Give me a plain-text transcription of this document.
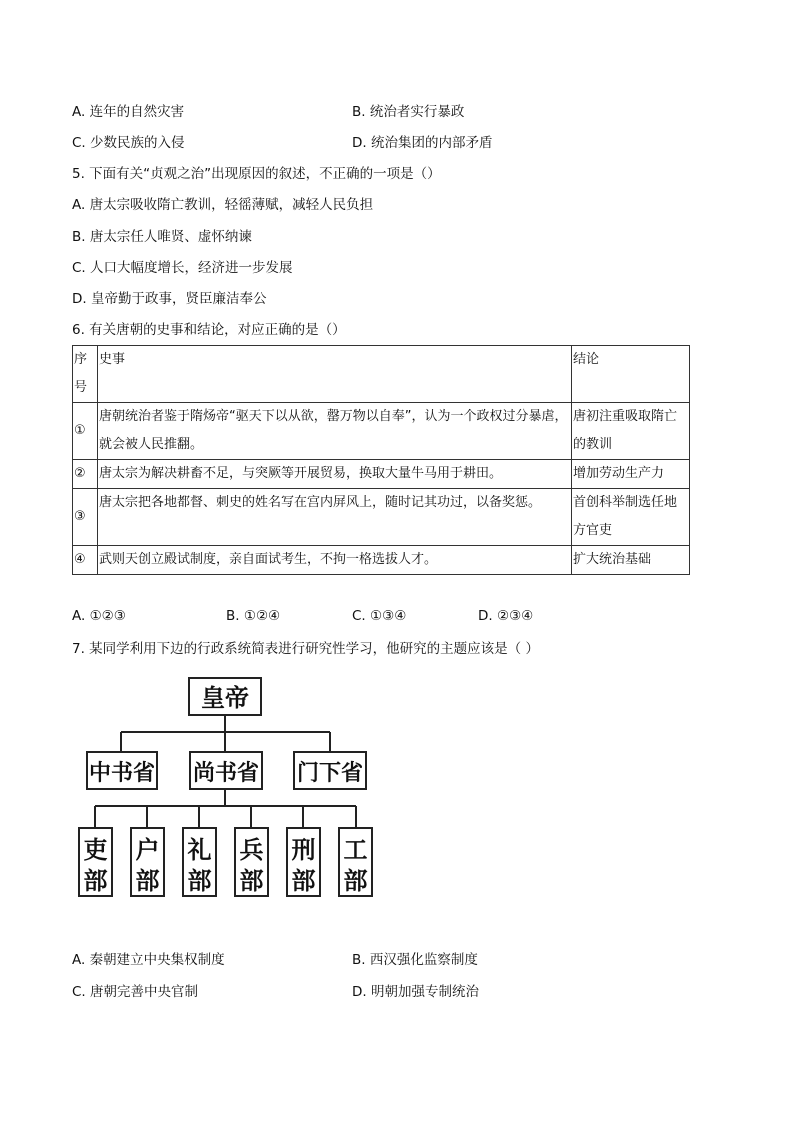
A. 连年的自然灾害	B. 统治者实行暴政
C. 少数民族的入侵	D. 统治集团的内部矛盾
5. 下面有关“贞观之治”出现原因的叙述，不正确的一项是（）
A. 唐太宗吸收隋亡教训，轻徭薄赋，减轻人民负担
B. 唐太宗任人唯贤、虚怀纳谏
C. 人口大幅度增长，经济进一步发展
D. 皇帝勤于政事，贤臣廉洁奉公
6. 有关唐朝的史事和结论，对应正确的是（）
序号	史事	结论
①	唐朝统治者鉴于隋炀帝“驱天下以从欲，罄万物以自奉”，认为一个政权过分暴虐，就会被人民推翻。	唐初注重吸取隋亡的教训
②	唐太宗为解决耕畜不足，与突厥等开展贸易，换取大量牛马用于耕田。	增加劳动生产力
③	唐太宗把各地都督、刺史的姓名写在宫内屏风上，随时记其功过，以备奖惩。	首创科举制选任地方官吏
④	武则天创立殿试制度，亲自面试考生，不拘一格选拔人才。	扩大统治基础
A. ①②③	B. ①②④	C. ①③④	D. ②③④
7. 某同学利用下边的行政系统简表进行研究性学习，他研究的主题应该是（ ）
皇帝
中书省 尚书省 门下省
吏
部
户
部
礼
部
兵
部
刑
部
工
部
A. 秦朝建立中央集权制度	B. 西汉强化监察制度
C. 唐朝完善中央官制	D. 明朝加强专制统治
